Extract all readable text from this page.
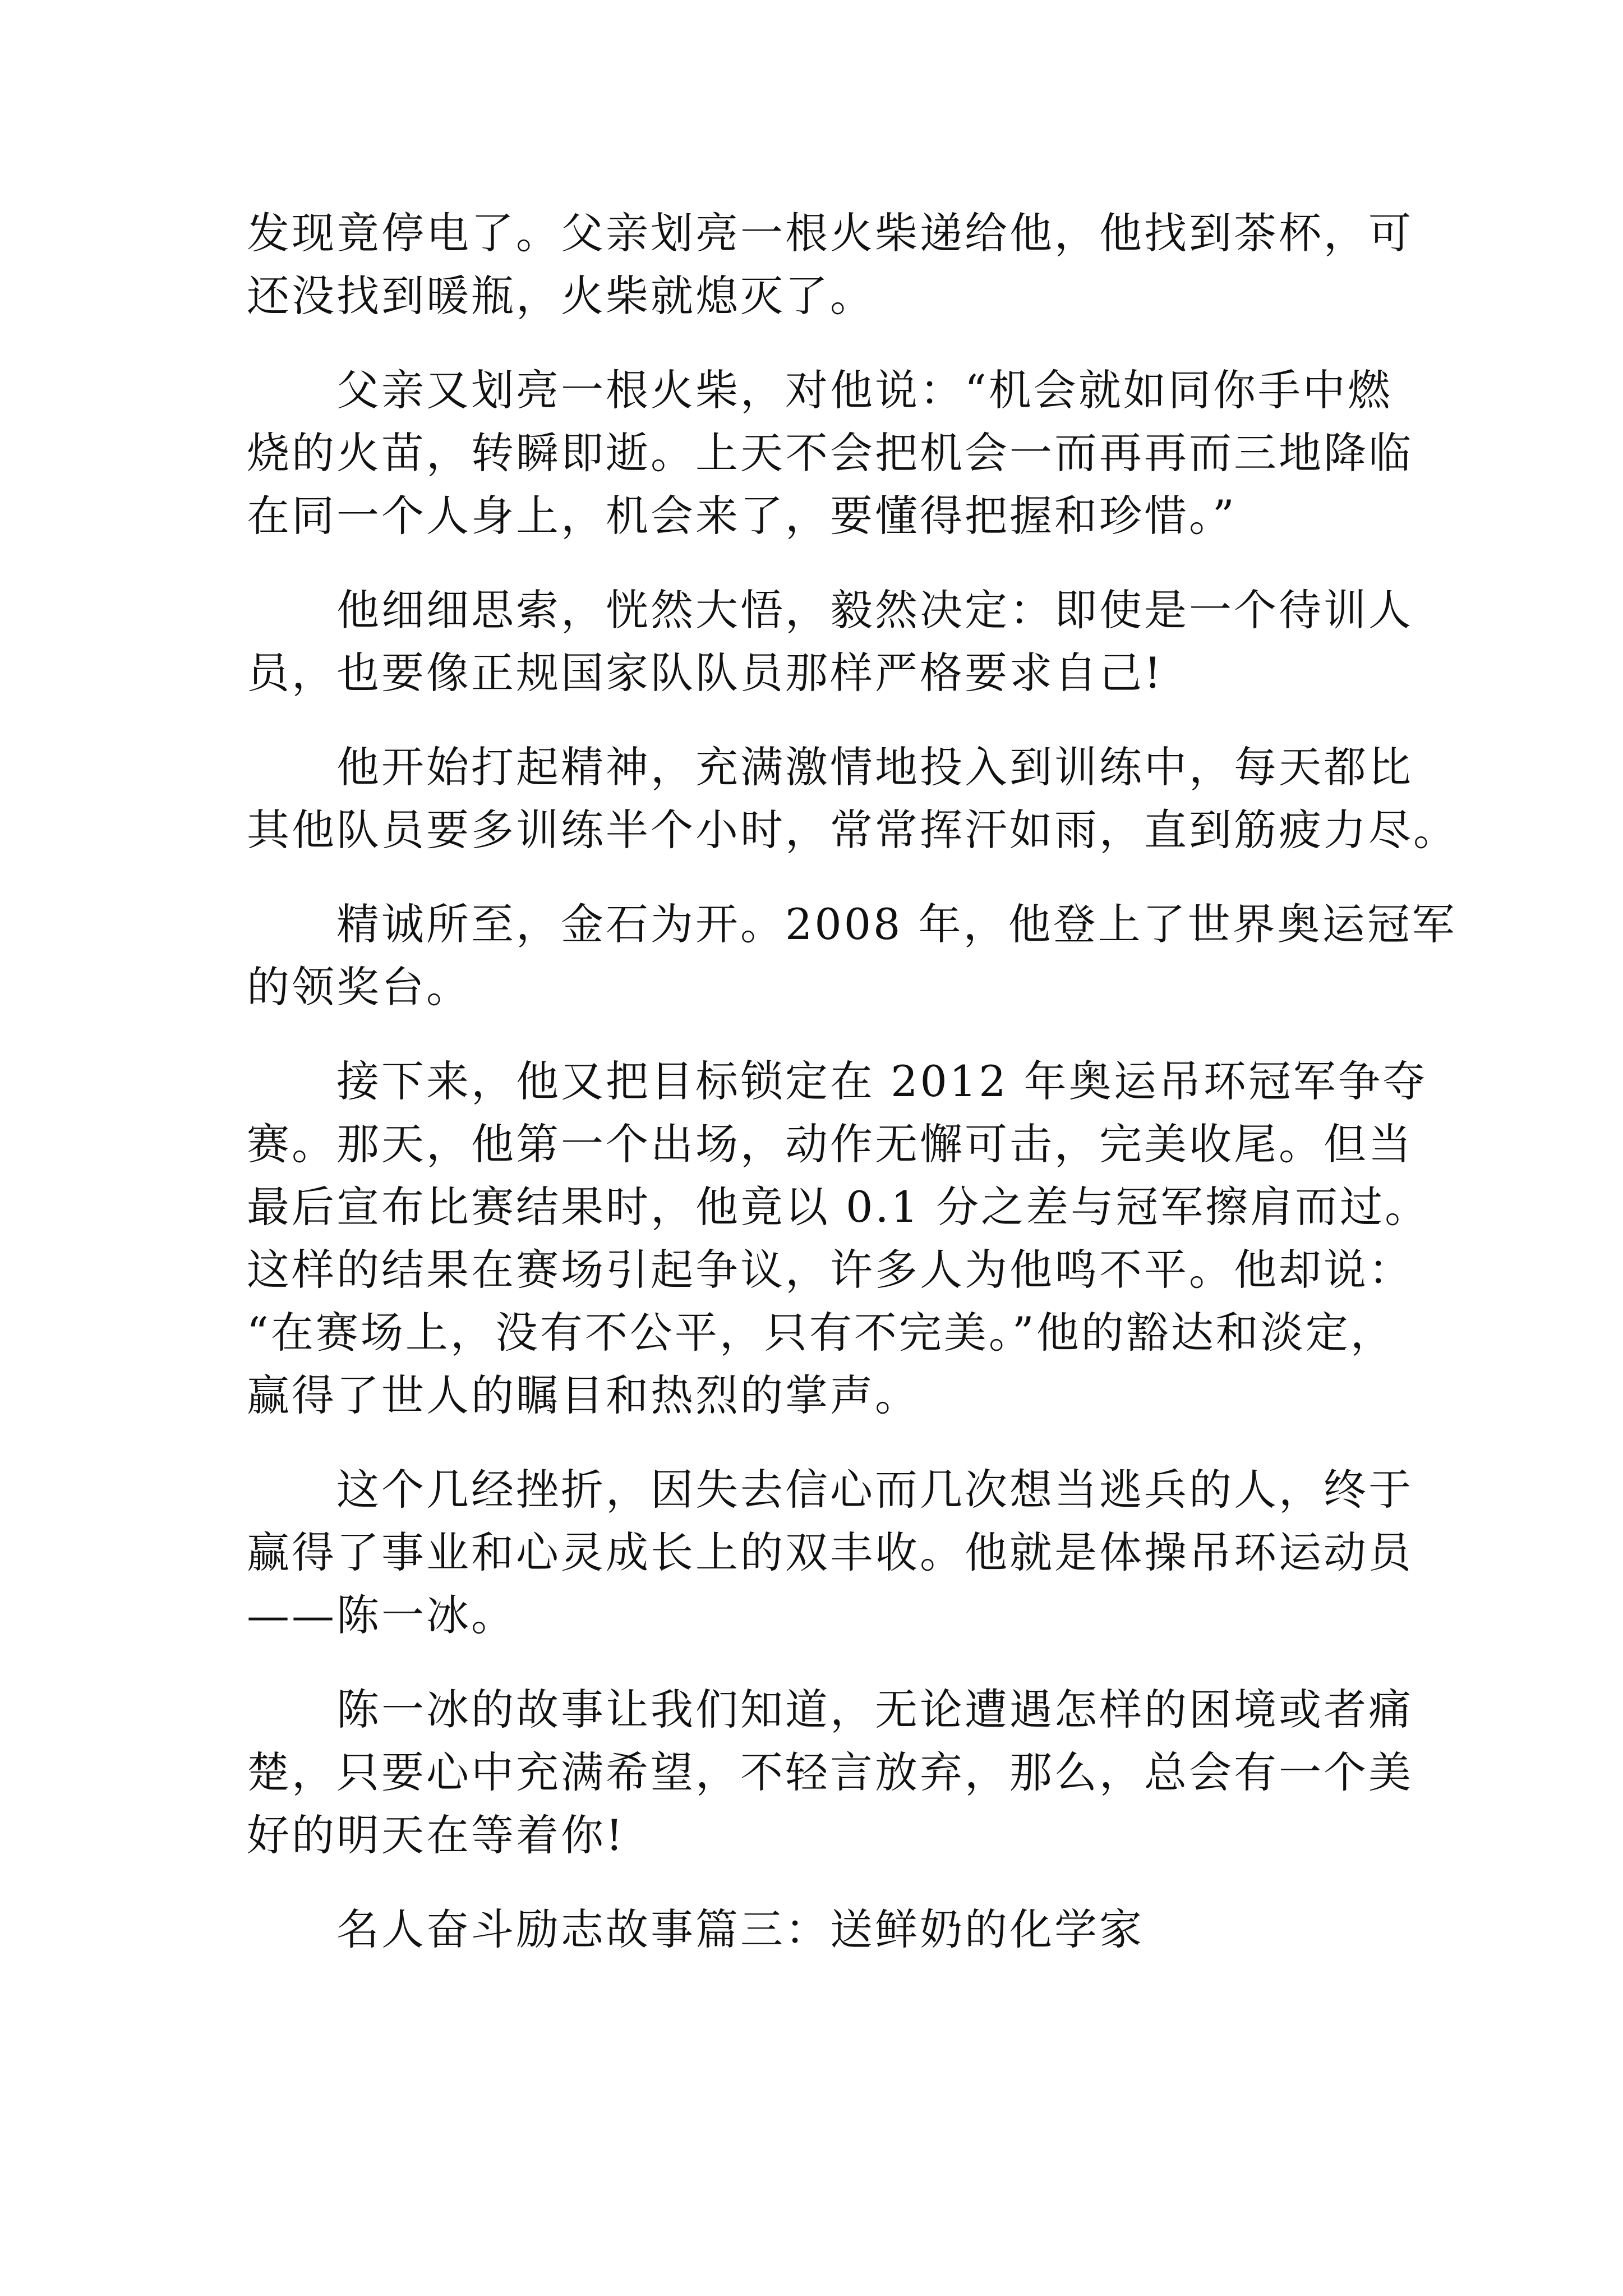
发现竟停电了。父亲划亮一根火柴递给他，他找到茶杯，可
还没找到暖瓶，火柴就熄灭了。
父亲又划亮一根火柴，对他说：“机会就如同你手中燃
烧的火苗，转瞬即逝。上天不会把机会一而再再而三地降临
在同一个人身上，机会来了，要懂得把握和珍惜。”
他细细思索，恍然大悟，毅然决定：即使是一个待训人
员，也要像正规国家队队员那样严格要求自己!
他开始打起精神，充满激情地投入到训练中，每天都比
其他队员要多训练半个小时，常常挥汗如雨，直到筋疲力尽。
精诚所至，金石为开。2008 年，他登上了世界奥运冠军
的领奖台。
接下来，他又把目标锁定在 2012 年奥运吊环冠军争夺
赛。那天，他第一个出场，动作无懈可击，完美收尾。但当
最后宣布比赛结果时，他竟以 0.1 分之差与冠军擦肩而过。
这样的结果在赛场引起争议，许多人为他鸣不平。他却说：
“在赛场上，没有不公平，只有不完美。”他的豁达和淡定，
赢得了世人的瞩目和热烈的掌声。
这个几经挫折，因失去信心而几次想当逃兵的人，终于
赢得了事业和心灵成长上的双丰收。他就是体操吊环运动员
——陈一冰。
陈一冰的故事让我们知道，无论遭遇怎样的困境或者痛
楚，只要心中充满希望，不轻言放弃，那么，总会有一个美
好的明天在等着你!
名人奋斗励志故事篇三：送鲜奶的化学家
